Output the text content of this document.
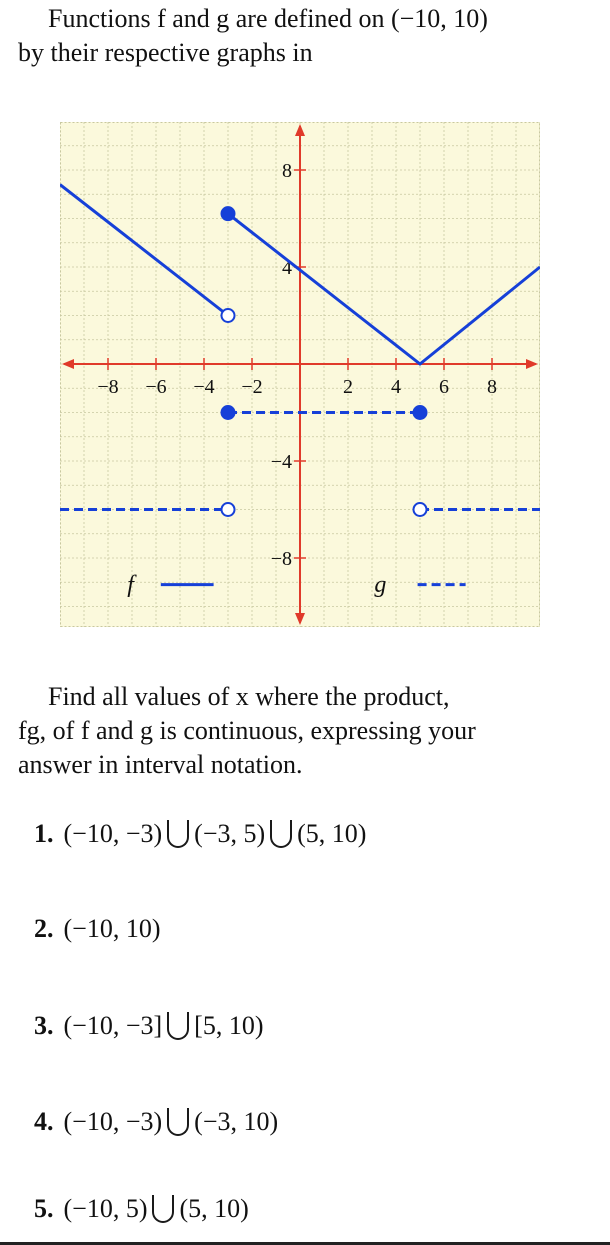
Functions f and g are defined on (−10, 10)
by their respective graphs in
−8 −6 −4 −2	2 4 6 8
−8
−4
4
8
f	g
Find all values of x where the product,
fg, of f and g is continuous, expressing your
answer in interval notation.
1. (−10, −3) (−3, 5) (5, 10)
2. (−10, 10)
3. (−10, −3] [5, 10)
4. (−10, −3) (−3, 10)
5. (−10, 5) (5, 10)
